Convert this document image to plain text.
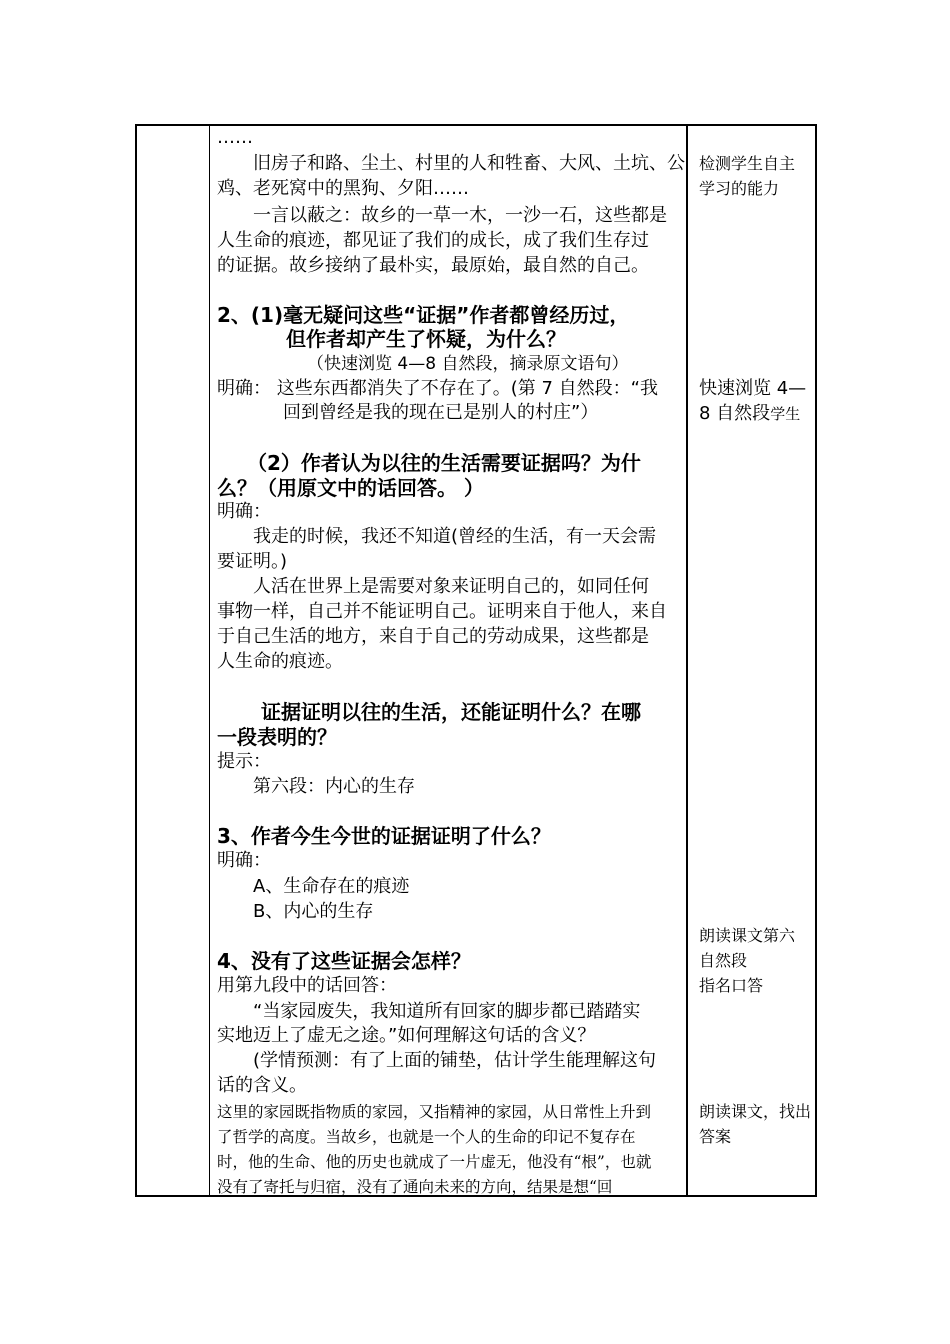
……
　　旧房子和路、尘土、村里的人和牲畜、大风、土坑、公
鸡、老死窝中的黑狗、夕阳……
　　一言以蔽之：故乡的一草一木，一沙一石，这些都是
人生命的痕迹，都见证了我们的成长，成了我们生存过
的证据。故乡接纳了最朴实，最原始，最自然的自己。
2、(1)毫无疑问这些“证据”作者都曾经历过，
但作者却产生了怀疑，为什么？
（快速浏览 4—8 自然段，摘录原文语句）
明确： 这些东西都消失了不存在了。(第 7 自然段：“我
回到曾经是我的现在已是别人的村庄”）
（2）作者认为以往的生活需要证据吗？为什
么？（用原文中的话回答。 ）
明确：
　　我走的时候，我还不知道(曾经的生活，有一天会需
要证明。)
　　人活在世界上是需要对象来证明自己的，如同任何
事物一样，自己并不能证明自己。证明来自于他人，来自
于自己生活的地方，来自于自己的劳动成果，这些都是
人生命的痕迹。
证据证明以往的生活，还能证明什么？在哪
一段表明的？
提示：
　　第六段：内心的生存
3、作者今生今世的证据证明了什么？
明确：
　　A、生命存在的痕迹
　　B、内心的生存
4、没有了这些证据会怎样？
用第九段中的话回答：
　　“当家园废失，我知道所有回家的脚步都已踏踏实
实地迈上了虚无之途。”如何理解这句话的含义？
　　(学情预测：有了上面的铺垫，估计学生能理解这句
话的含义。
这里的家园既指物质的家园，又指精神的家园，从日常性上升到
了哲学的高度。当故乡，也就是一个人的生命的印记不复存在
时，他的生命、他的历史也就成了一片虚无，他没有“根”，也就
没有了寄托与归宿，没有了通向未来的方向，结果是想“回
检测学生自主
学习的能力
快速浏览 4—
8 自然段学生
朗读课文第六
自然段
指名口答
朗读课文，找出
答案
